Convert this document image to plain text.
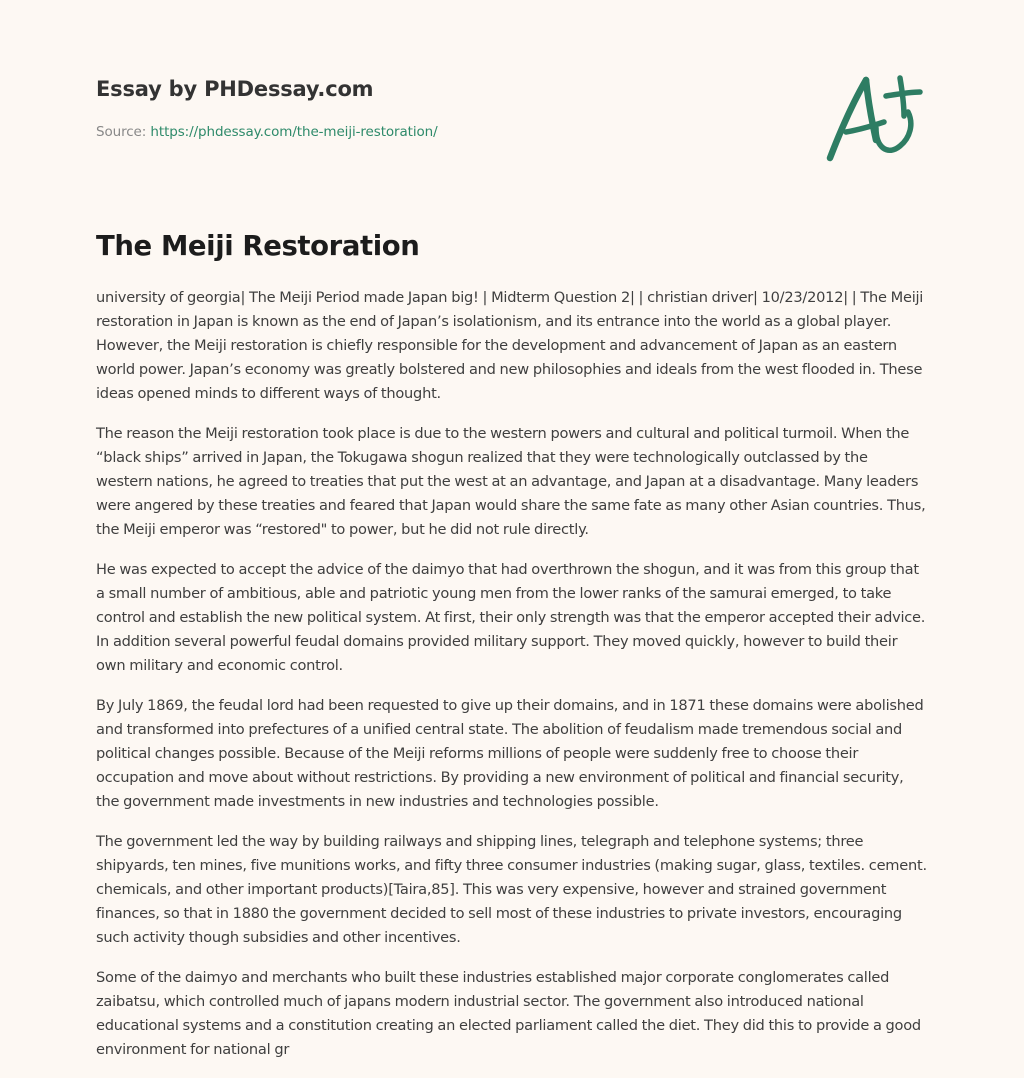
Essay by PHDessay.com
Source: https://phdessay.com/the-meiji-restoration/
The Meiji Restoration

university of georgia| The Meiji Period made Japan big! | Midterm Question 2| | christian driver| 10/23/2012| | The Meiji restoration in Japan is known as the end of Japan’s isolationism, and its entrance into the world as a global player. However, the Meiji restoration is chiefly responsible for the development and advancement of Japan as an eastern world power. Japan’s economy was greatly bolstered and new philosophies and ideals from the west flooded in. These ideas opened minds to different ways of thought.

The reason the Meiji restoration took place is due to the western powers and cultural and political turmoil. When the “black ships” arrived in Japan, the Tokugawa shogun realized that they were technologically outclassed by the western nations, he agreed to treaties that put the west at an advantage, and Japan at a disadvantage. Many leaders were angered by these treaties and feared that Japan would share the same fate as many other Asian countries. Thus, the Meiji emperor was “restored" to power, but he did not rule directly.

He was expected to accept the advice of the daimyo that had overthrown the shogun, and it was from this group that a small number of ambitious, able and patriotic young men from the lower ranks of the samurai emerged, to take control and establish the new political system. At first, their only strength was that the emperor accepted their advice. In addition several powerful feudal domains provided military support. They moved quickly, however to build their own military and economic control.

By July 1869, the feudal lord had been requested to give up their domains, and in 1871 these domains were abolished and transformed into prefectures of a unified central state. The abolition of feudalism made tremendous social and political changes possible. Because of the Meiji reforms millions of people were suddenly free to choose their occupation and move about without restrictions. By providing a new environment of political and financial security, the government made investments in new industries and technologies possible.

The government led the way by building railways and shipping lines, telegraph and telephone systems; three shipyards, ten mines, five munitions works, and fifty three consumer industries (making sugar, glass, textiles. cement. chemicals, and other important products)[Taira,85]. This was very expensive, however and strained government finances, so that in 1880 the government decided to sell most of these industries to private investors, encouraging such activity though subsidies and other incentives.

Some of the daimyo and merchants who built these industries established major corporate conglomerates called zaibatsu, which controlled much of japans modern industrial sector. The government also introduced national educational systems and a constitution creating an elected parliament called the diet. They did this to provide a good environment for national gr
